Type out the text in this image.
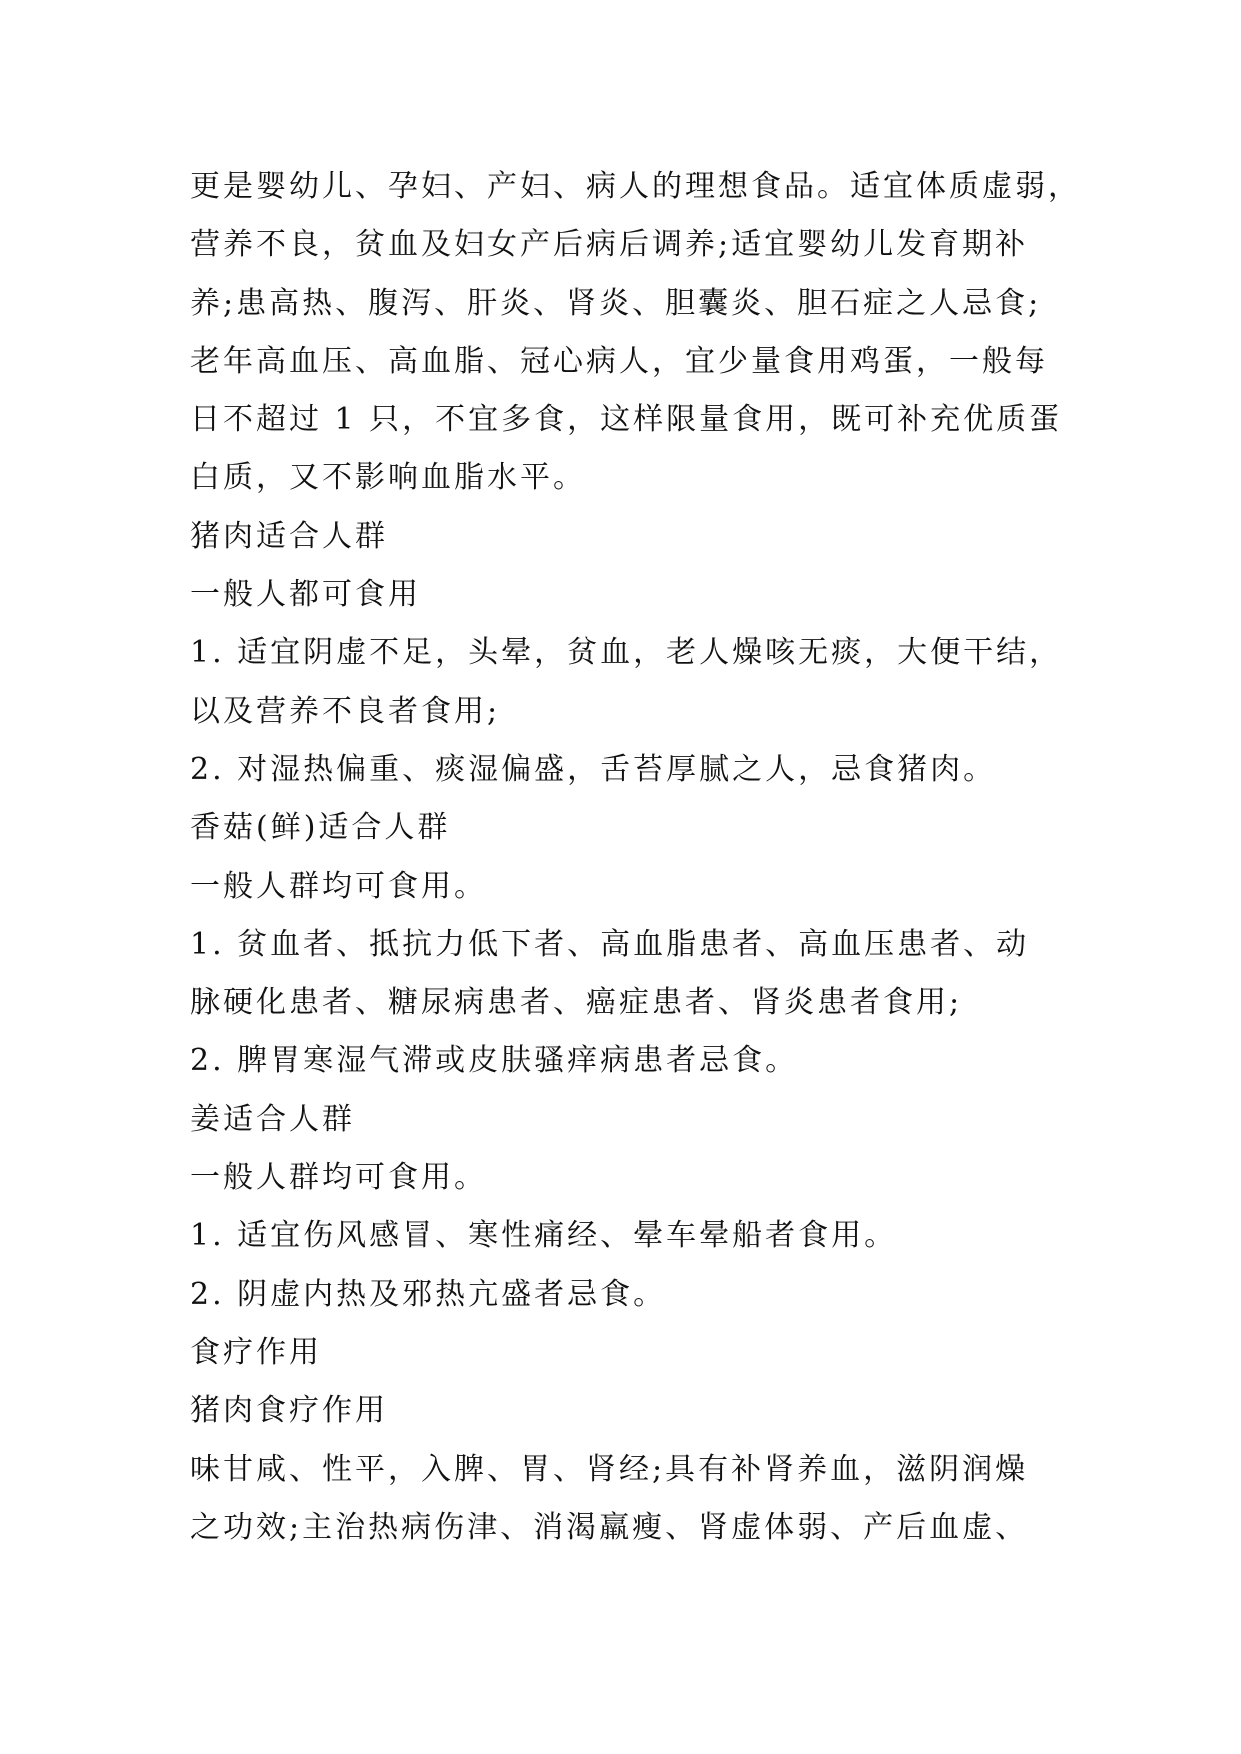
更是婴幼儿、孕妇、产妇、病人的理想食品。适宜体质虚弱，
营养不良，贫血及妇女产后病后调养;适宜婴幼儿发育期补
养;患高热、腹泻、肝炎、肾炎、胆囊炎、胆石症之人忌食;
老年高血压、高血脂、冠心病人，宜少量食用鸡蛋，一般每
日不超过 1 只，不宜多食，这样限量食用，既可补充优质蛋
白质，又不影响血脂水平。
猪肉适合人群
一般人都可食用
1. 适宜阴虚不足，头晕，贫血，老人燥咳无痰，大便干结，
以及营养不良者食用;
2. 对湿热偏重、痰湿偏盛，舌苔厚腻之人，忌食猪肉。
香菇(鲜)适合人群
一般人群均可食用。
1. 贫血者、抵抗力低下者、高血脂患者、高血压患者、动
脉硬化患者、糖尿病患者、癌症患者、肾炎患者食用;
2. 脾胃寒湿气滞或皮肤骚痒病患者忌食。
姜适合人群
一般人群均可食用。
1. 适宜伤风感冒、寒性痛经、晕车晕船者食用。
2. 阴虚内热及邪热亢盛者忌食。
食疗作用
猪肉食疗作用
味甘咸、性平，入脾、胃、肾经;具有补肾养血，滋阴润燥
之功效;主治热病伤津、消渴羸瘦、肾虚体弱、产后血虚、
